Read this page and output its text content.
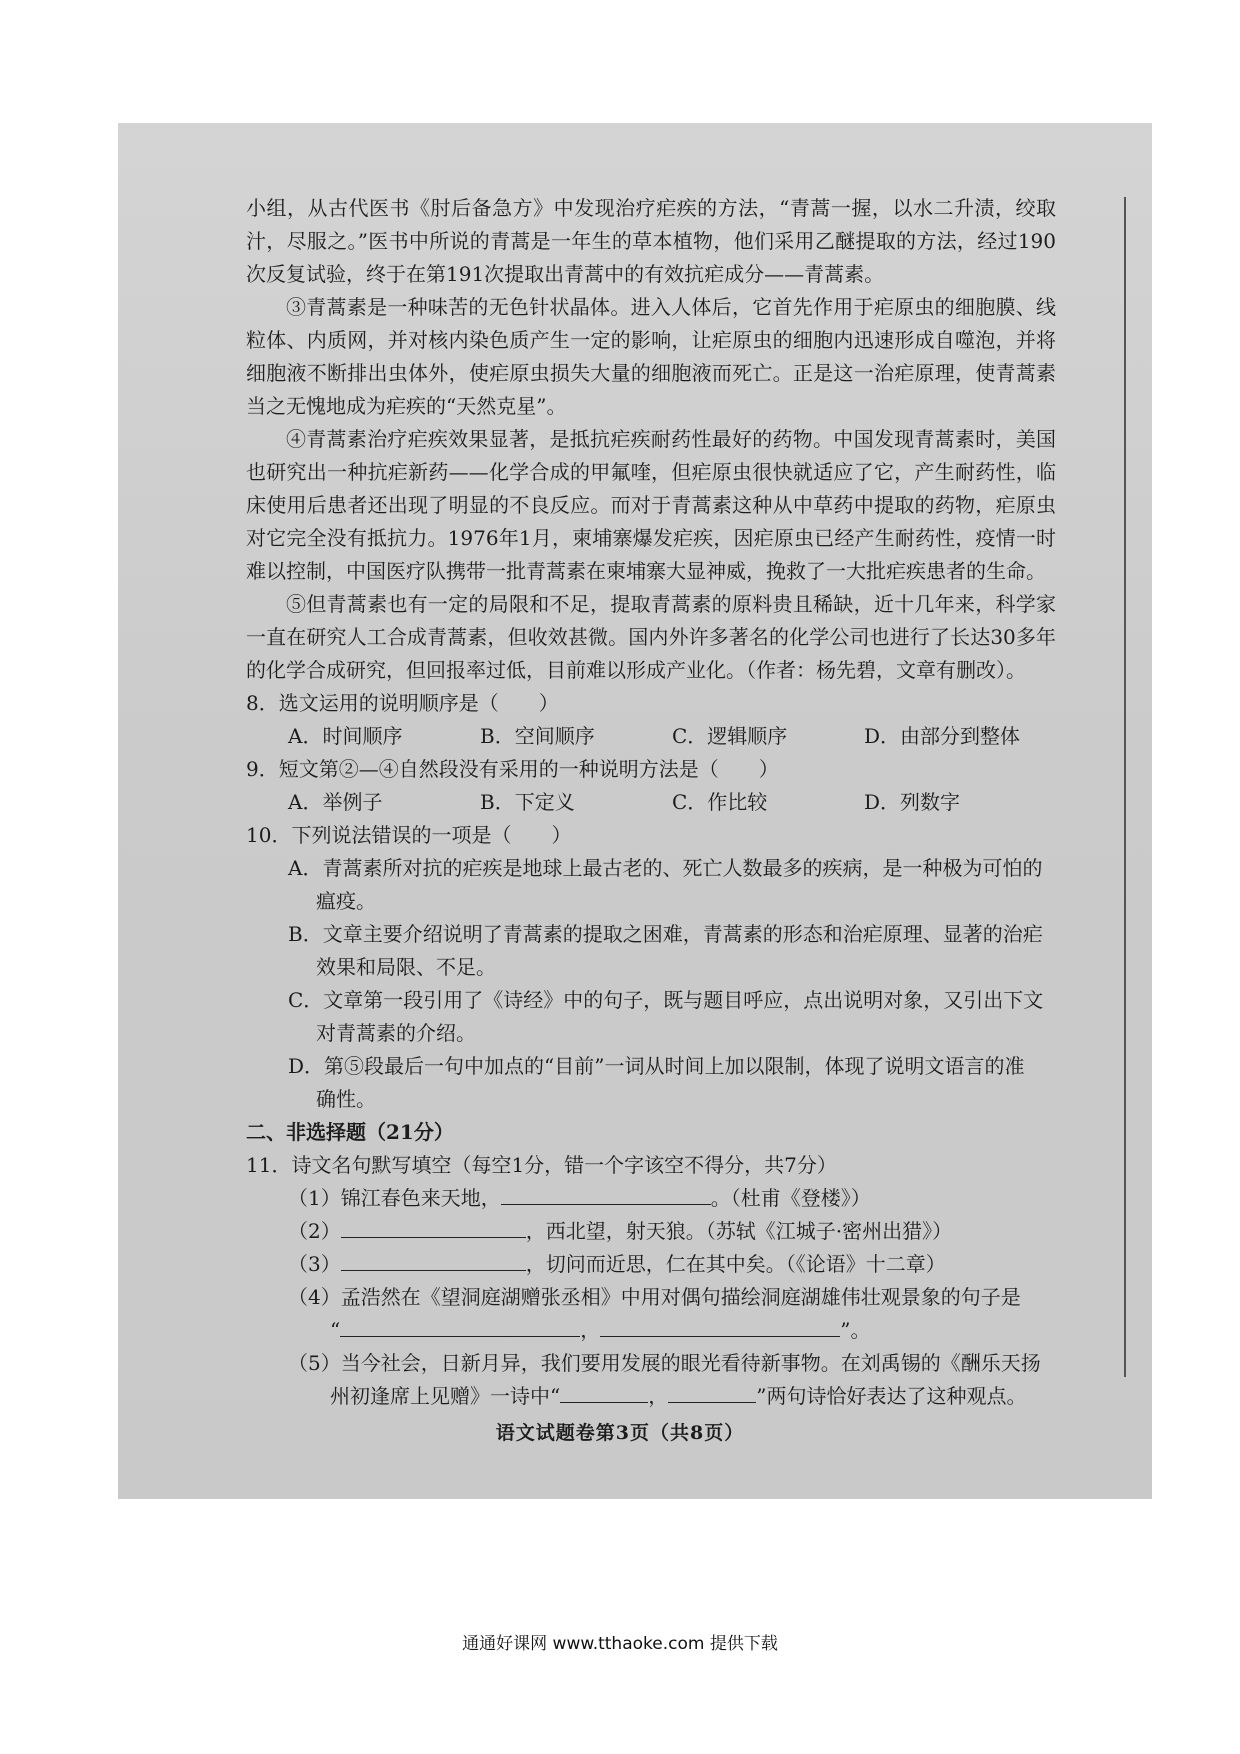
小组，从古代医书《肘后备急方》中发现治疗疟疾的方法，“青蒿一握，以水二升渍，绞取汁，尽服之。”医书中所说的青蒿是一年生的草本植物，他们采用乙醚提取的方法，经过190次反复试验，终于在第191次提取出青蒿中的有效抗疟成分——青蒿素。

③青蒿素是一种味苦的无色针状晶体。进入人体后，它首先作用于疟原虫的细胞膜、线粒体、内质网，并对核内染色质产生一定的影响，让疟原虫的细胞内迅速形成自噬泡，并将细胞液不断排出虫体外，使疟原虫损失大量的细胞液而死亡。正是这一治疟原理，使青蒿素当之无愧地成为疟疾的“天然克星”。

④青蒿素治疗疟疾效果显著，是抵抗疟疾耐药性最好的药物。中国发现青蒿素时，美国也研究出一种抗疟新药——化学合成的甲氟喹，但疟原虫很快就适应了它，产生耐药性，临床使用后患者还出现了明显的不良反应。而对于青蒿素这种从中草药中提取的药物，疟原虫对它完全没有抵抗力。1976年1月，柬埔寨爆发疟疾，因疟原虫已经产生耐药性，疫情一时难以控制，中国医疗队携带一批青蒿素在柬埔寨大显神威，挽救了一大批疟疾患者的生命。

⑤但青蒿素也有一定的局限和不足，提取青蒿素的原料贵且稀缺，近十几年来，科学家一直在研究人工合成青蒿素，但收效甚微。国内外许多著名的化学公司也进行了长达30多年的化学合成研究，但回报率过低，目前难以形成产业化。（作者：杨先碧，文章有删改）。

8．选文运用的说明顺序是（　　）

A．时间顺序	B．空间顺序	C．逻辑顺序	D．由部分到整体

9．短文第②—④自然段没有采用的一种说明方法是（　　）

A．举例子	B．下定义	C．作比较	D．列数字

10．下列说法错误的一项是（　　）

A．青蒿素所对抗的疟疾是地球上最古老的、死亡人数最多的疾病，是一种极为可怕的
瘟疫。

B．文章主要介绍说明了青蒿素的提取之困难，青蒿素的形态和治疟原理、显著的治疟
效果和局限、不足。

C．文章第一段引用了《诗经》中的句子，既与题目呼应，点出说明对象，又引出下文
对青蒿素的介绍。

D．第⑤段最后一句中加点的“目前”一词从时间上加以限制，体现了说明文语言的准
确性。

二、非选择题（21分）

11．诗文名句默写填空（每空1分，错一个字该空不得分，共7分）

（1）锦江春色来天地，	。（杜甫《登楼》）

（2）	，西北望，射天狼。（苏轼《江城子·密州出猎》）

（3）	，切问而近思，仁在其中矣。（《论语》十二章）

（4）孟浩然在《望洞庭湖赠张丞相》中用对偶句描绘洞庭湖雄伟壮观景象的句子是
“	，	”。

（5）当今社会，日新月异，我们要用发展的眼光看待新事物。在刘禹锡的《酬乐天扬
州初逢席上见赠》一诗中“	，	”两句诗恰好表达了这种观点。

语文试题卷第3页（共8页）
通通好课网 www.tthaoke.com 提供下载
